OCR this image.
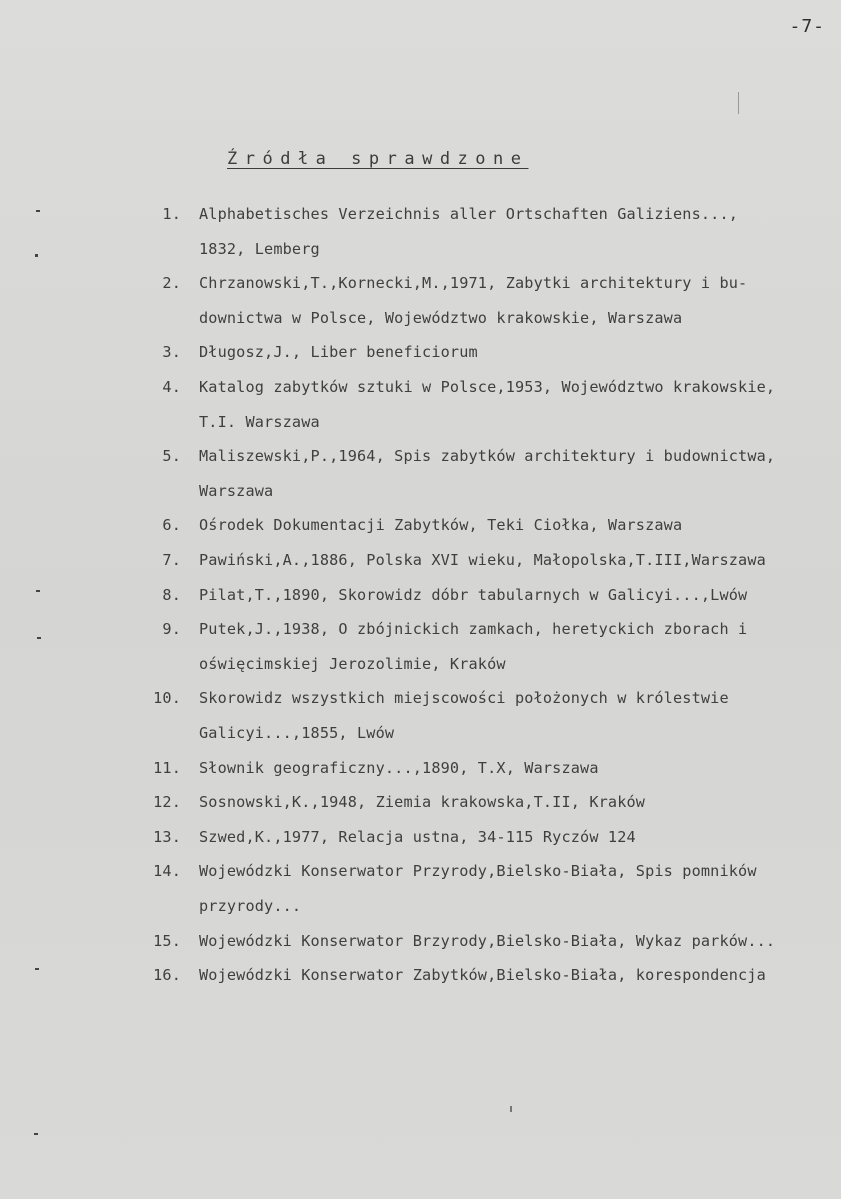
-7-
Źródła sprawdzone
1. Alphabetisches Verzeichnis aller Ortschaften Galiziens...,
1832, Lemberg
2. Chrzanowski,T.,Kornecki,M.,1971, Zabytki architektury i bu-
downictwa w Polsce, Województwo krakowskie, Warszawa
3. Długosz,J., Liber beneficiorum
4. Katalog zabytków sztuki w Polsce,1953, Województwo krakowskie,
T.I. Warszawa
5. Maliszewski,P.,1964, Spis zabytków architektury i budownictwa,
Warszawa
6. Ośrodek Dokumentacji Zabytków, Teki Ciołka, Warszawa
7. Pawiński,A.,1886, Polska XVI wieku, Małopolska,T.III,Warszawa
8. Pilat,T.,1890, Skorowidz dóbr tabularnych w Galicyi...,Lwów
9. Putek,J.,1938, O zbójnickich zamkach, heretyckich zborach i
oświęcimskiej Jerozolimie, Kraków
10. Skorowidz wszystkich miejscowości położonych w królestwie
Galicyi...,1855, Lwów
11. Słownik geograficzny...,1890, T.X, Warszawa
12. Sosnowski,K.,1948, Ziemia krakowska,T.II, Kraków
13. Szwed,K.,1977, Relacja ustna, 34-115 Ryczów 124
14. Wojewódzki Konserwator Przyrody,Bielsko-Biała, Spis pomników
przyrody...
15. Wojewódzki Konserwator Brzyrody,Bielsko-Biała, Wykaz parków...
16. Wojewódzki Konserwator Zabytków,Bielsko-Biała, korespondencja
